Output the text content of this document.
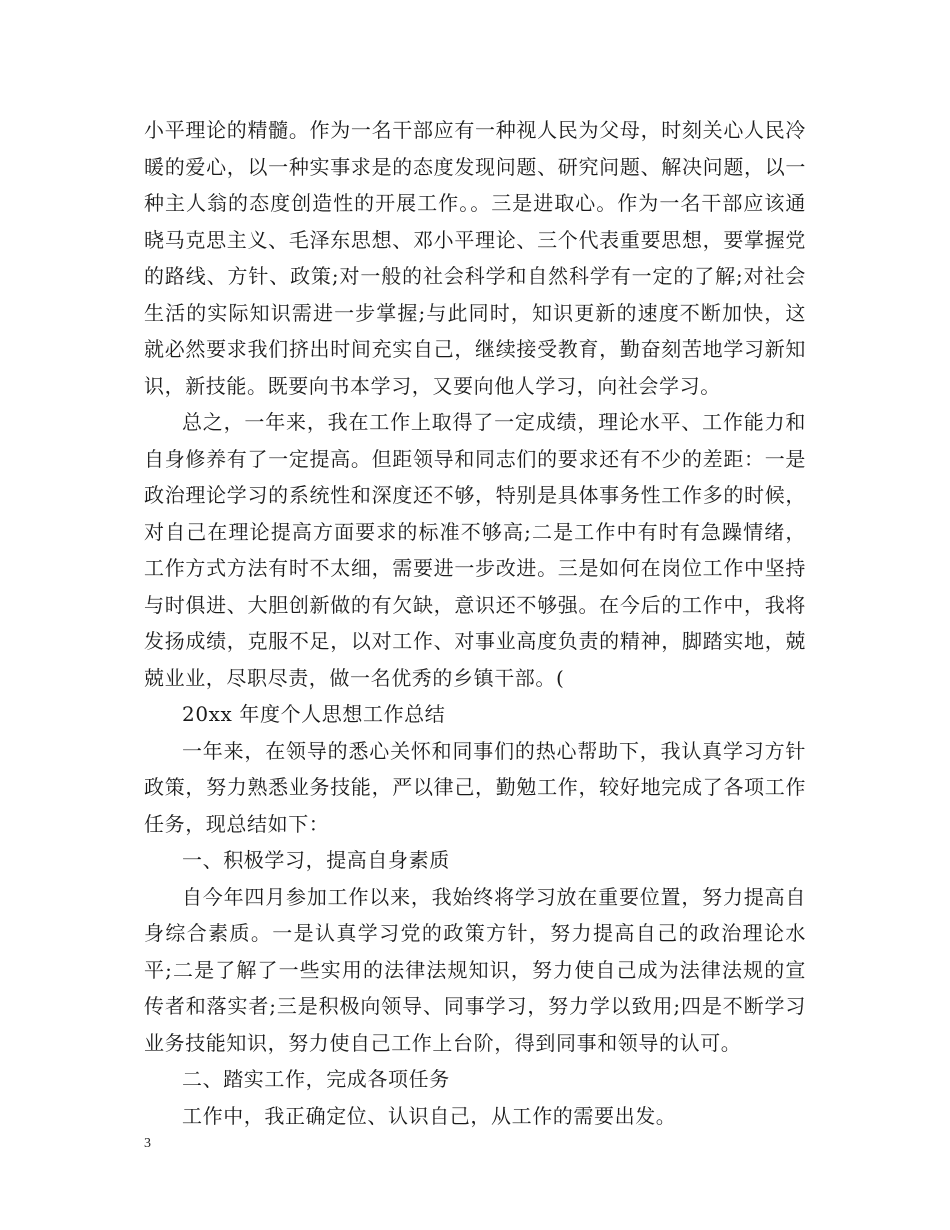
小平理论的精髓。作为一名干部应有一种视人民为父母，时刻关心人民冷暖的爱心，以一种实事求是的态度发现问题、研究问题、解决问题，以一种主人翁的态度创造性的开展工作。。三是进取心。作为一名干部应该通晓马克思主义、毛泽东思想、邓小平理论、三个代表重要思想，要掌握党的路线、方针、政策;对一般的社会科学和自然科学有一定的了解;对社会生活的实际知识需进一步掌握;与此同时，知识更新的速度不断加快，这就必然要求我们挤出时间充实自己，继续接受教育，勤奋刻苦地学习新知识，新技能。既要向书本学习，又要向他人学习，向社会学习。

总之，一年来，我在工作上取得了一定成绩，理论水平、工作能力和自身修养有了一定提高。但距领导和同志们的要求还有不少的差距：一是政治理论学习的系统性和深度还不够，特别是具体事务性工作多的时候，对自己在理论提高方面要求的标准不够高;二是工作中有时有急躁情绪，工作方式方法有时不太细，需要进一步改进。三是如何在岗位工作中坚持与时俱进、大胆创新做的有欠缺，意识还不够强。在今后的工作中，我将发扬成绩，克服不足，以对工作、对事业高度负责的精神，脚踏实地，兢兢业业，尽职尽责，做一名优秀的乡镇干部。(

20xx 年度个人思想工作总结

一年来，在领导的悉心关怀和同事们的热心帮助下，我认真学习方针政策，努力熟悉业务技能，严以律己，勤勉工作，较好地完成了各项工作任务，现总结如下：

一、积极学习，提高自身素质

自今年四月参加工作以来，我始终将学习放在重要位置，努力提高自身综合素质。一是认真学习党的政策方针，努力提高自己的政治理论水平;二是了解了一些实用的法律法规知识，努力使自己成为法律法规的宣传者和落实者;三是积极向领导、同事学习，努力学以致用;四是不断学习业务技能知识，努力使自己工作上台阶，得到同事和领导的认可。

二、踏实工作，完成各项任务

工作中，我正确定位、认识自己，从工作的需要出发。

3
